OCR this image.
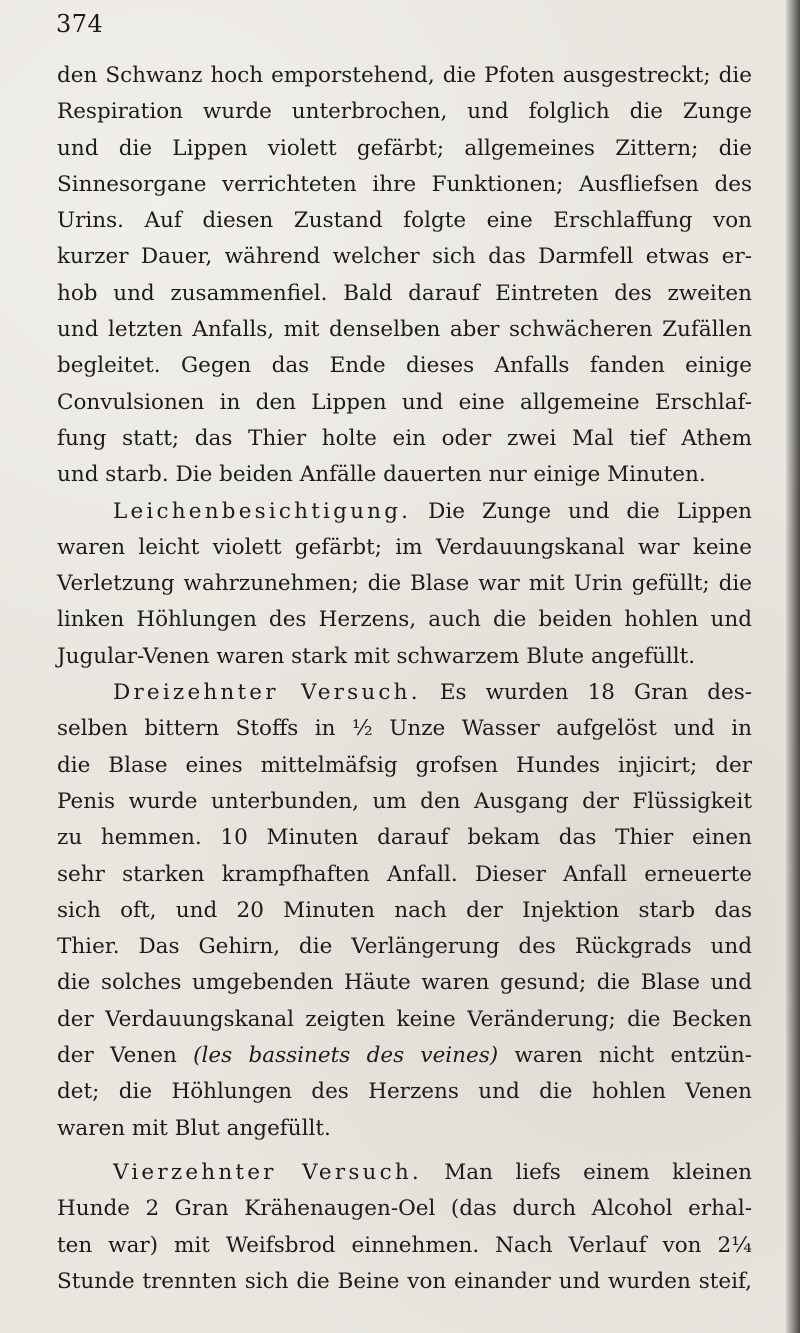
374
den Schwanz hoch emporstehend, die Pfoten ausgestreckt; die
Respiration wurde unterbrochen, und folglich die Zunge
und die Lippen violett gefärbt; allgemeines Zittern; die
Sinnesorgane verrichteten ihre Funktionen; Ausfliefsen des
Urins. Auf diesen Zustand folgte eine Erschlaffung von
kurzer Dauer, während welcher sich das Darmfell etwas er-
hob und zusammenfiel. Bald darauf Eintreten des zweiten
und letzten Anfalls, mit denselben aber schwächeren Zufällen
begleitet. Gegen das Ende dieses Anfalls fanden einige
Convulsionen in den Lippen und eine allgemeine Erschlaf-
fung statt; das Thier holte ein oder zwei Mal tief Athem
und starb. Die beiden Anfälle dauerten nur einige Minuten.
Leichenbesichtigung. Die Zunge und die Lippen
waren leicht violett gefärbt; im Verdauungskanal war keine
Verletzung wahrzunehmen; die Blase war mit Urin gefüllt; die
linken Höhlungen des Herzens, auch die beiden hohlen und
Jugular-Venen waren stark mit schwarzem Blute angefüllt.
Dreizehnter Versuch. Es wurden 18 Gran des-
selben bittern Stoffs in ½ Unze Wasser aufgelöst und in
die Blase eines mittelmäfsig grofsen Hundes injicirt; der
Penis wurde unterbunden, um den Ausgang der Flüssigkeit
zu hemmen. 10 Minuten darauf bekam das Thier einen
sehr starken krampfhaften Anfall. Dieser Anfall erneuerte
sich oft, und 20 Minuten nach der Injektion starb das
Thier. Das Gehirn, die Verlängerung des Rückgrads und
die solches umgebenden Häute waren gesund; die Blase und
der Verdauungskanal zeigten keine Veränderung; die Becken
der Venen (les bassinets des veines) waren nicht entzün-
det; die Höhlungen des Herzens und die hohlen Venen
waren mit Blut angefüllt.
Vierzehnter Versuch. Man liefs einem kleinen
Hunde 2 Gran Krähenaugen-Oel (das durch Alcohol erhal-
ten war) mit Weifsbrod einnehmen. Nach Verlauf von 2¼
Stunde trennten sich die Beine von einander und wurden steif,
